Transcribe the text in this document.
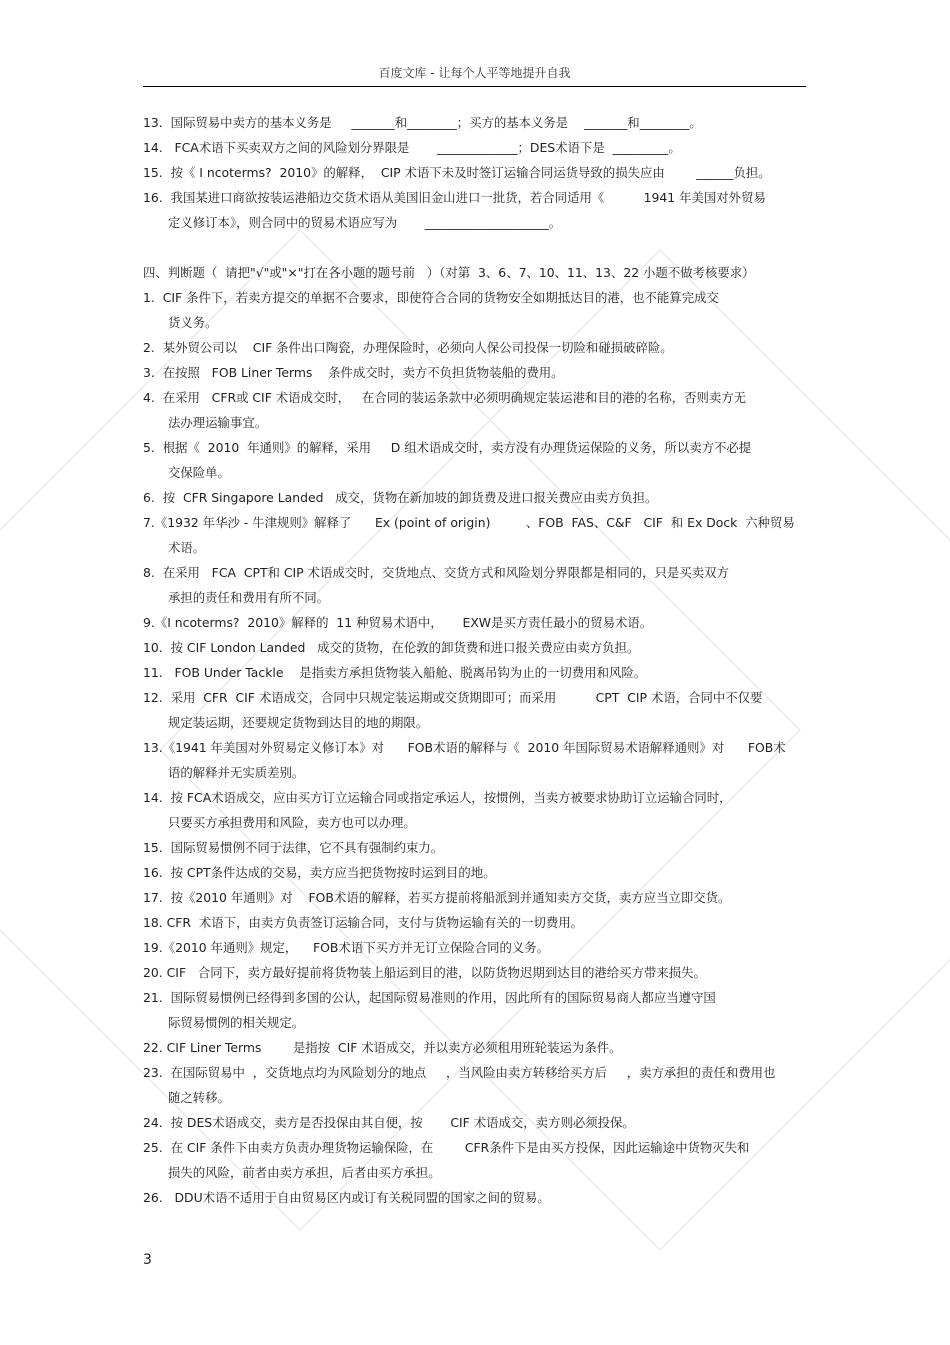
百度文库 - 让每个人平等地提升自我
13.  国际贸易中卖方的基本义务是     _______和________；买方的基本义务是    _______和________。
14.   FCA术语下买卖双方之间的风险划分界限是       _____________；DES术语下是  _________。
15.  按《 I ncoterms?  2010》的解释，  CIP 术语下未及时签订运输合同运货导致的损失应由        ______负担。
16.  我国某进口商欲按装运港船边交货术语从美国旧金山进口一批货，若合同适用《          1941 年美国对外贸易
定义修订本》，则合同中的贸易术语应写为       ____________________。
四、判断题（  请把"√"或"×"打在各小题的题号前   ）（对第  3、6、7、10、11、13、22 小题不做考核要求）
1.  CIF 条件下，若卖方提交的单据不合要求，即使符合合同的货物安全如期抵达目的港，也不能算完成交
货义务。
2.  某外贸公司以    CIF 条件出口陶瓷，办理保险时，必须向人保公司投保一切险和碰损破碎险。
3.  在按照   FOB Liner Terms    条件成交时，卖方不负担货物装船的费用。
4.  在采用   CFR或 CIF 术语成交时，   在合同的装运条款中必须明确规定装运港和目的港的名称，否则卖方无
法办理运输事宜。
5.  根据《  2010  年通则》的解释，采用     D 组术语成交时，卖方没有办理货运保险的义务，所以卖方不必提
交保险单。
6.  按  CFR Singapore Landed   成交，货物在新加坡的卸货费及进口报关费应由卖方负担。
7.《1932 年华沙 - 牛津规则》解释了      Ex (point of origin)         、FOB  FAS、C&F   CIF  和 Ex Dock  六种贸易
术语。
8.  在采用   FCA  CPT和 CIP 术语成交时，交货地点、交货方式和风险划分界限都是相同的，只是买卖双方
承担的责任和费用有所不同。
9.《I ncoterms?  2010》解释的  11 种贸易术语中，     EXW是买方责任最小的贸易术语。
10.  按 CIF London Landed   成交的货物，在伦敦的卸货费和进口报关费应由卖方负担。
11.   FOB Under Tackle    是指卖方承担货物装入船舱、脱离吊钩为止的一切费用和风险。
12.  采用  CFR  CIF 术语成交，合同中只规定装运期或交货期即可；而采用          CPT  CIP 术语，合同中不仅要
规定装运期，还要规定货物到达目的地的期限。
13.《1941 年美国对外贸易定义修订本》对      FOB术语的解释与《  2010 年国际贸易术语解释通则》对      FOB术
语的解释并无实质差别。
14.  按 FCA术语成交，应由买方订立运输合同或指定承运人，按惯例，当卖方被要求协助订立运输合同时，
只要买方承担费用和风险，卖方也可以办理。
15.  国际贸易惯例不同于法律，它不具有强制约束力。
16.  按 CPT条件达成的交易，卖方应当把货物按时运到目的地。
17.  按《2010 年通则》对    FOB术语的解释，若买方提前将船派到并通知卖方交货，卖方应当立即交货。
18. CFR  术语下，由卖方负责签订运输合同，支付与货物运输有关的一切费用。
19.《2010 年通则》规定，    FOB术语下买方并无订立保险合同的义务。
20. CIF   合同下，卖方最好提前将货物装上船运到目的港，以防货物迟期到达目的港给买方带来损失。
21.  国际贸易惯例已经得到多国的公认，起国际贸易准则的作用，因此所有的国际贸易商人都应当遵守国
际贸易惯例的相关规定。
22. CIF Liner Terms        是指按  CIF 术语成交，并以卖方必须租用班轮装运为条件。
23.  在国际贸易中  ，交货地点均为风险划分的地点     ，当风险由卖方转移给买方后     ，卖方承担的责任和费用也
随之转移。
24.  按 DES术语成交，卖方是否投保由其自便，按       CIF 术语成交，卖方则必须投保。
25.  在 CIF 条件下由卖方负责办理货物运输保险，在        CFR条件下是由买方投保，因此运输途中货物灭失和
损失的风险，前者由卖方承担，后者由买方承担。
26.   DDU术语不适用于自由贸易区内或订有关税同盟的国家之间的贸易。
3
